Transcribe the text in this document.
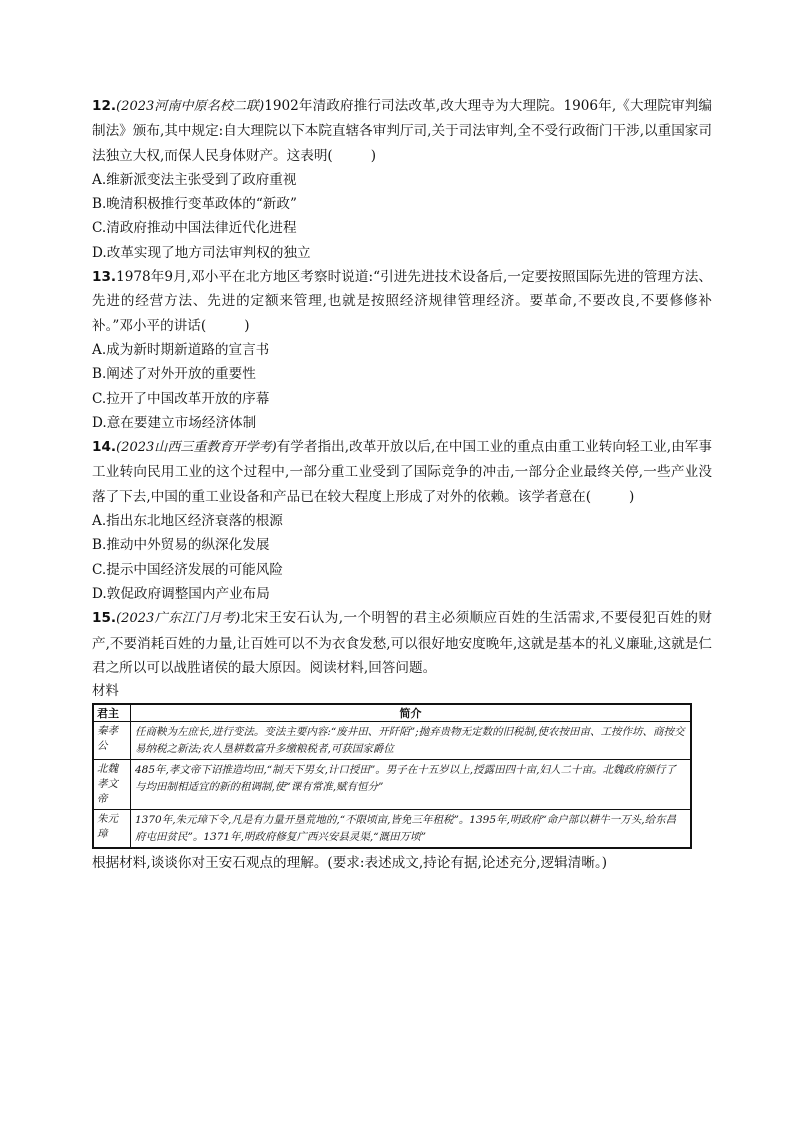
12.(2023河南中原名校二联)1902年清政府推行司法改革,改大理寺为大理院。1906年,《大理院审判编制法》颁布,其中规定:自大理院以下本院直辖各审判厅司,关于司法审判,全不受行政衙门干涉,以重国家司法独立大权,而保人民身体财产。这表明(	)

A.维新派变法主张受到了政府重视

B.晚清积极推行变革政体的“新政”

C.清政府推动中国法律近代化进程

D.改革实现了地方司法审判权的独立

13.1978年9月,邓小平在北方地区考察时说道:“引进先进技术设备后,一定要按照国际先进的管理方法、先进的经营方法、先进的定额来管理,也就是按照经济规律管理经济。要革命,不要改良,不要修修补补。”邓小平的讲话(	)

A.成为新时期新道路的宣言书

B.阐述了对外开放的重要性

C.拉开了中国改革开放的序幕

D.意在要建立市场经济体制

14.(2023山西三重教育开学考)有学者指出,改革开放以后,在中国工业的重点由重工业转向轻工业,由军事工业转向民用工业的这个过程中,一部分重工业受到了国际竞争的冲击,一部分企业最终关停,一些产业没落了下去,中国的重工业设备和产品已在较大程度上形成了对外的依赖。该学者意在(	)

A.指出东北地区经济衰落的根源

B.推动中外贸易的纵深化发展

C.提示中国经济发展的可能风险

D.敦促政府调整国内产业布局

15.(2023广东江门月考)北宋王安石认为,一个明智的君主必须顺应百姓的生活需求,不要侵犯百姓的财产,不要消耗百姓的力量,让百姓可以不为衣食发愁,可以很好地安度晚年,这就是基本的礼义廉耻,这就是仁君之所以可以战胜诸侯的最大原因。阅读材料,回答问题。

材料
君主	简介
秦孝公	任商鞅为左庶长,进行变法。变法主要内容:“废井田、开阡陌”;抛弃贵物无定数的旧税制,使农按田亩、工按作坊、商按交易纳税之新法;农人垦耕数富升多缴粮税者,可获国家爵位
北魏孝文帝	485年,孝文帝下诏推造均田,“制天下男女,计口授田”。男子在十五岁以上,授露田四十亩,妇人二十亩。北魏政府颁行了与均田制相适宜的新的租调制,使“课有常准,赋有恒分”
朱元璋	1370年,朱元璋下令,凡是有力量开垦荒地的,“不限顷亩,皆免三年租税”。1395年,明政府“命户部以耕牛一万头,给东昌府屯田贫民”。1371年,明政府修复广西兴安县灵渠,“溉田万顷”

根据材料,谈谈你对王安石观点的理解。(要求:表述成文,持论有据,论述充分,逻辑清晰。)
